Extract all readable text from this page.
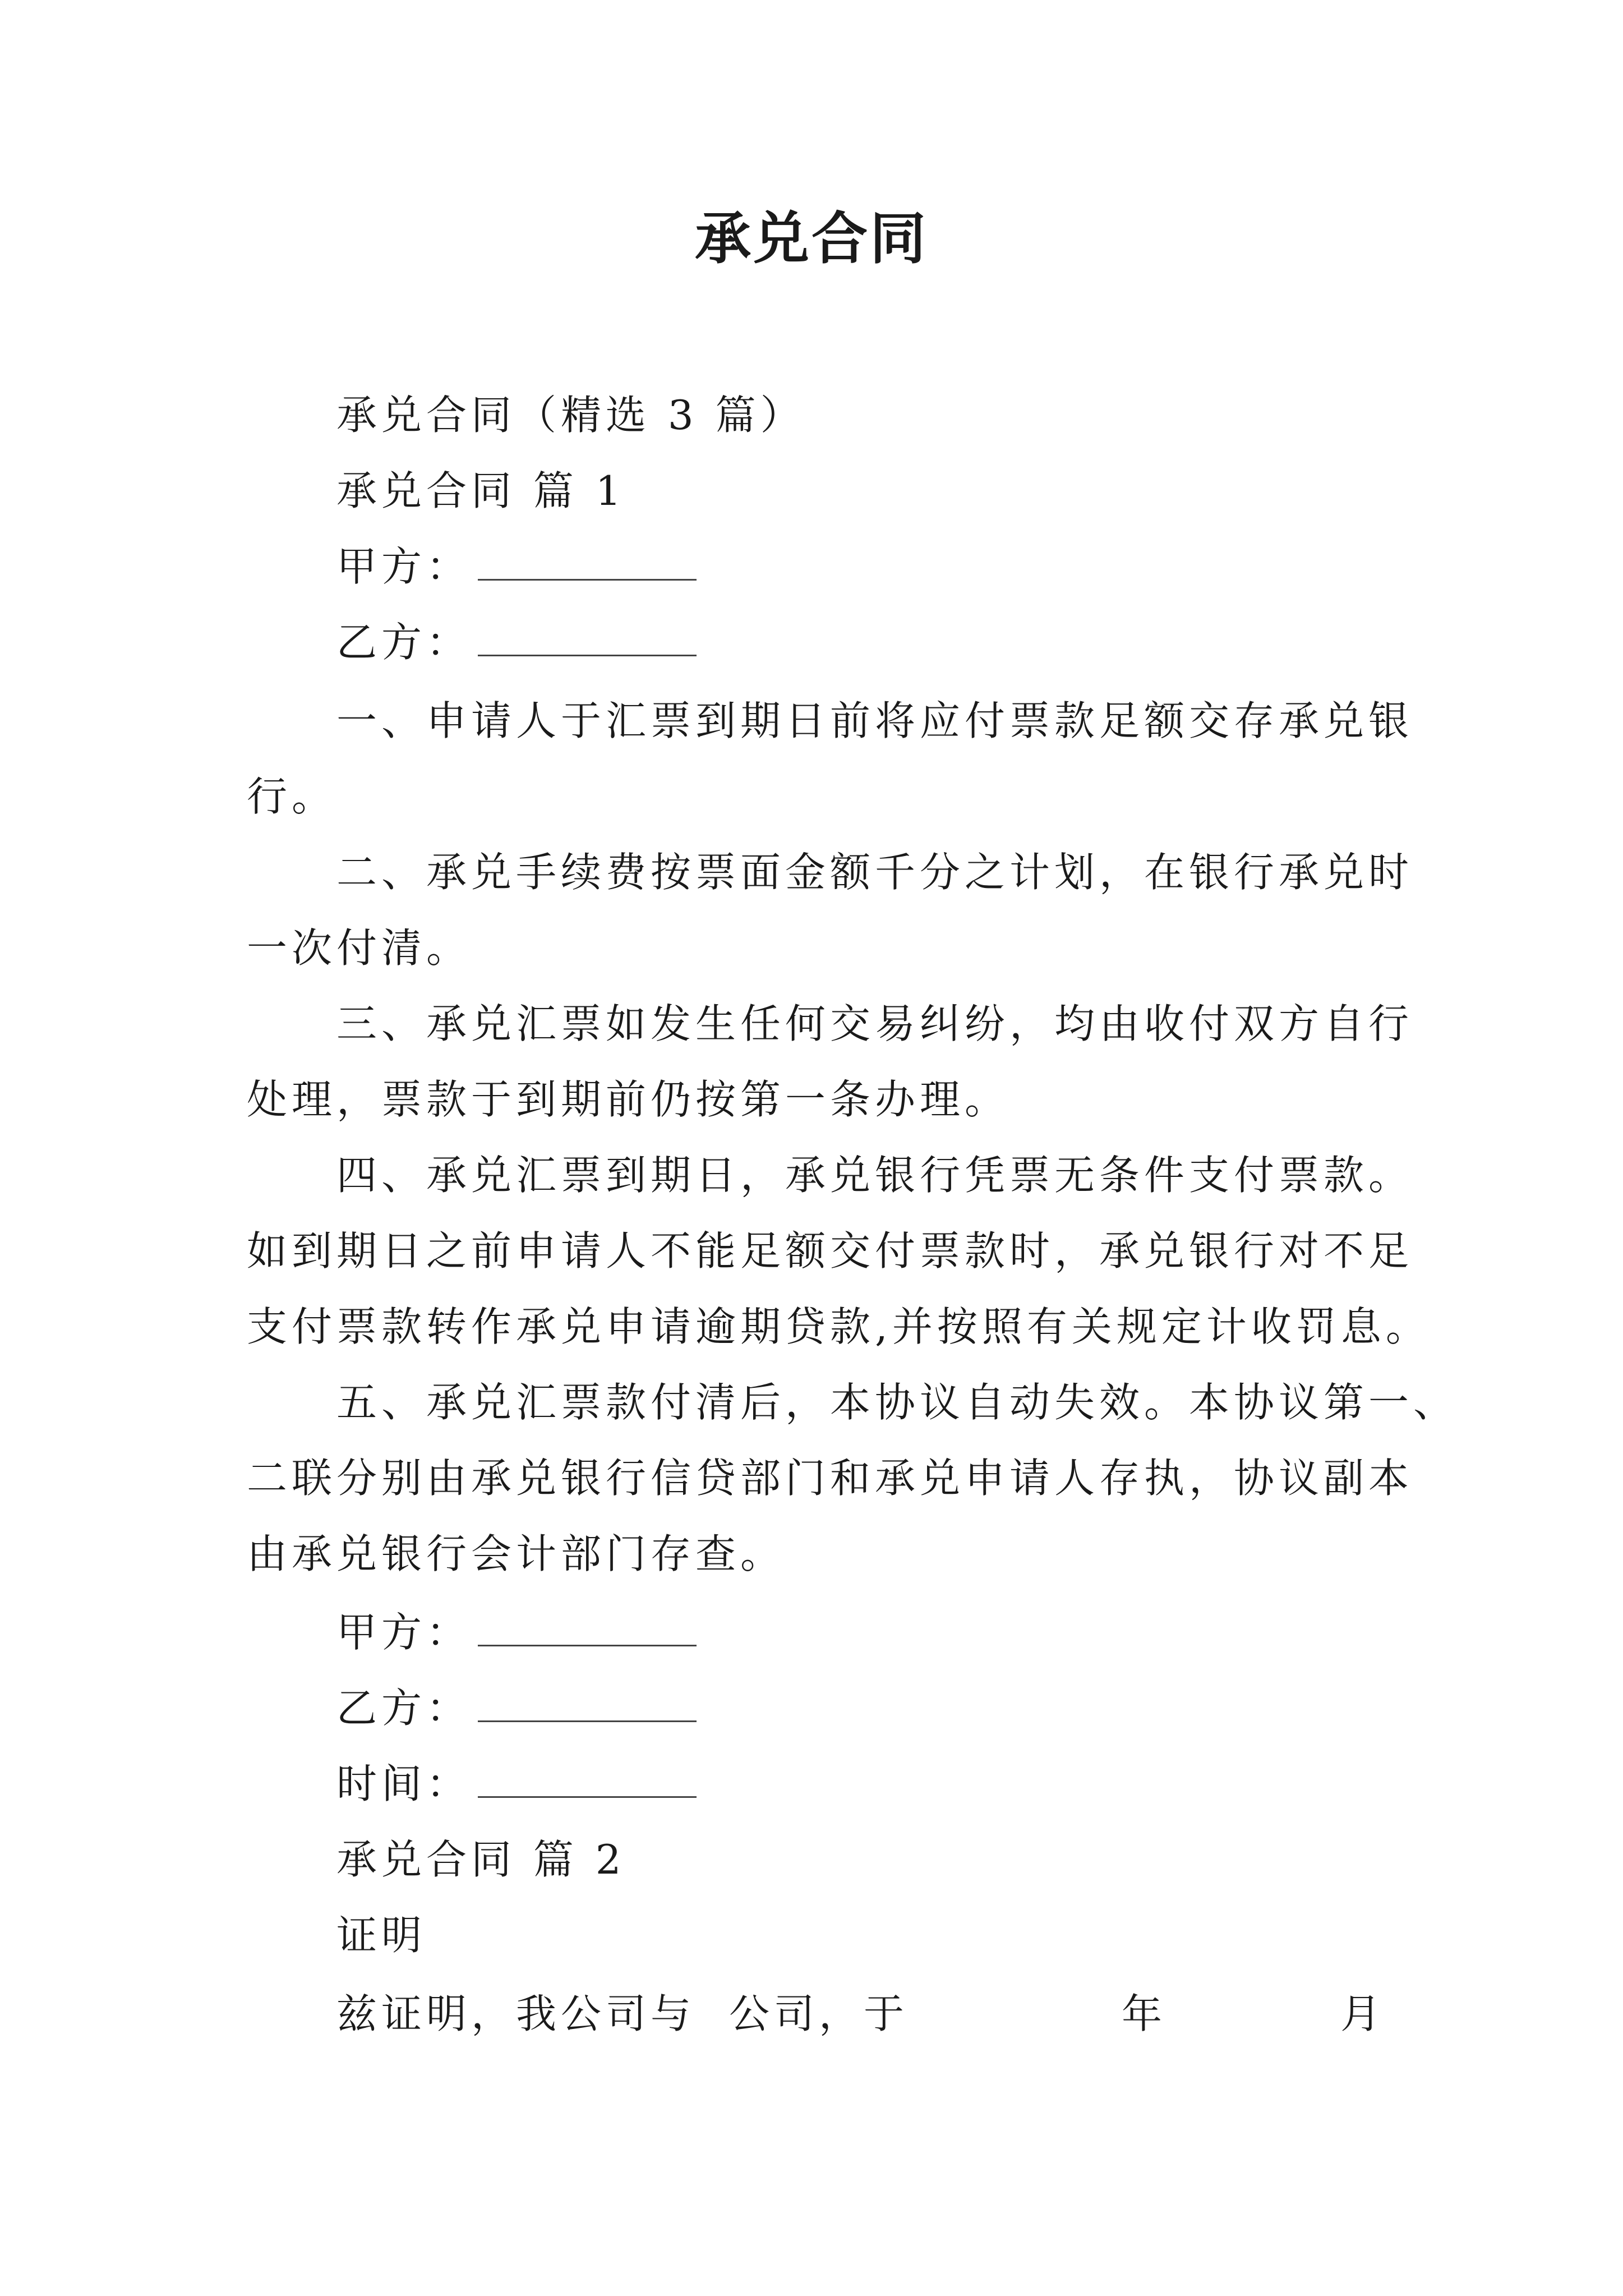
承兑合同
承兑合同（精选 3 篇）
承兑合同 篇 1
甲方：
乙方：
一、申请人于汇票到期日前将应付票款足额交存承兑银
行。
二、承兑手续费按票面金额千分之计划，在银行承兑时
一次付清。
三、承兑汇票如发生任何交易纠纷，均由收付双方自行
处理，票款于到期前仍按第一条办理。
四、承兑汇票到期日，承兑银行凭票无条件支付票款。
如到期日之前申请人不能足额交付票款时，承兑银行对不足
支付票款转作承兑申请逾期贷款,并按照有关规定计收罚息。
五、承兑汇票款付清后，本协议自动失效。本协议第一、
二联分别由承兑银行信贷部门和承兑申请人存执，协议副本
由承兑银行会计部门存查。
甲方：
乙方：
时间：
承兑合同 篇 2
证明
兹证明，我公司与 公司，于	年	月
